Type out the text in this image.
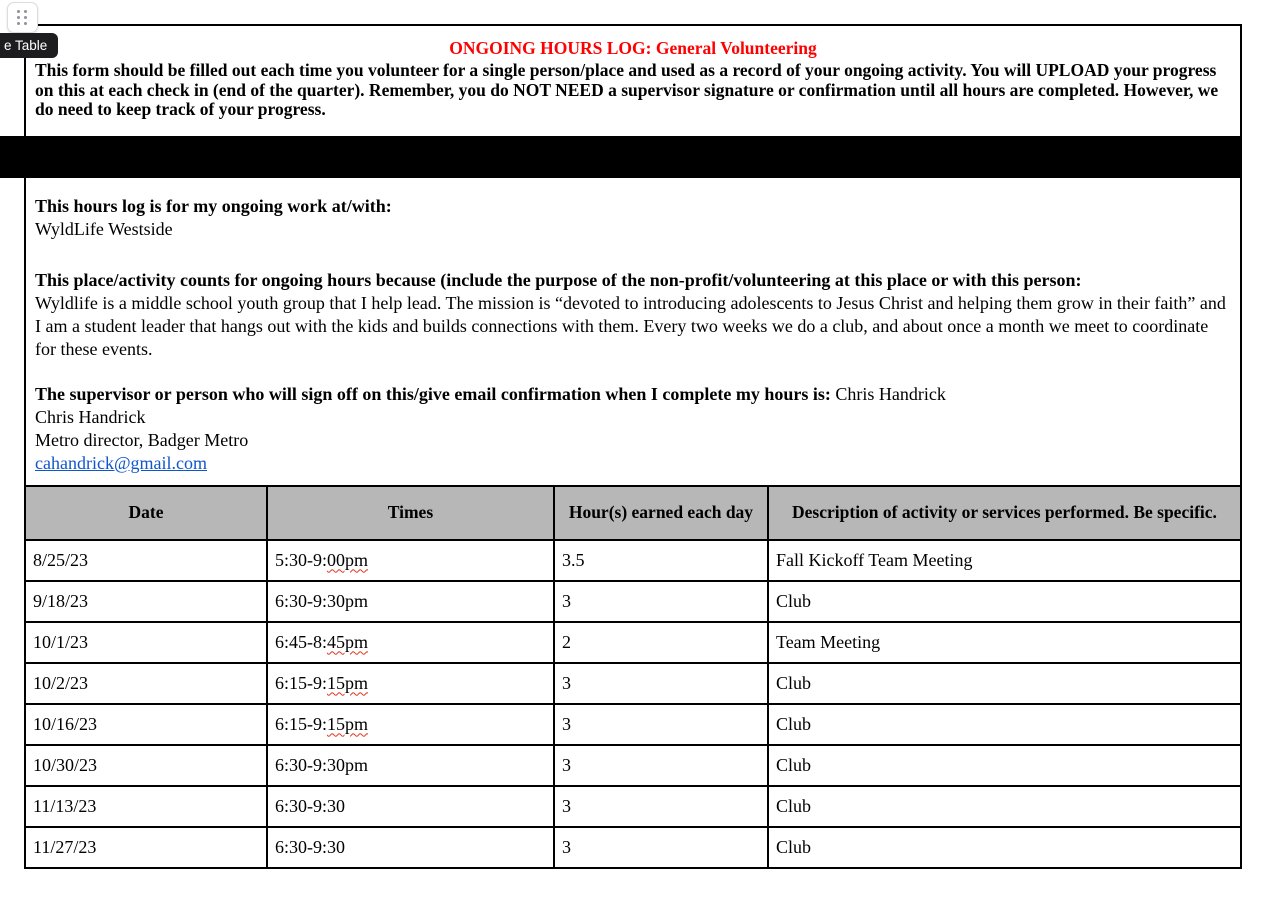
e Table	ONGOING HOURS LOG: General Volunteering
This form should be filled out each time you volunteer for a single person/place and used as a record of your ongoing activity. You will UPLOAD your progress on this at each check in (end of the quarter). Remember, you do NOT NEED a supervisor signature or confirmation until all hours are completed. However, we do need to keep track of your progress.
This hours log is for my ongoing work at/with:
WyldLife Westside
This place/activity counts for ongoing hours because (include the purpose of the non-profit/volunteering at this place or with this person:
Wyldlife is a middle school youth group that I help lead. The mission is “devoted to introducing adolescents to Jesus Christ and helping them grow in their faith” and I am a student leader that hangs out with the kids and builds connections with them. Every two weeks we do a club, and about once a month we meet to coordinate for these events.
The supervisor or person who will sign off on this/give email confirmation when I complete my hours is: Chris Handrick
Chris Handrick
Metro director, Badger Metro
cahandrick@gmail.com
Date	Times	Hour(s) earned each day	Description of activity or services performed. Be specific.
8/25/23	5:30-9:00pm	3.5	Fall Kickoff Team Meeting
9/18/23	6:30-9:30pm	3	Club
10/1/23	6:45-8:45pm	2	Team Meeting
10/2/23	6:15-9:15pm	3	Club
10/16/23	6:15-9:15pm	3	Club
10/30/23	6:30-9:30pm	3	Club
11/13/23	6:30-9:30	3	Club
11/27/23	6:30-9:30	3	Club
